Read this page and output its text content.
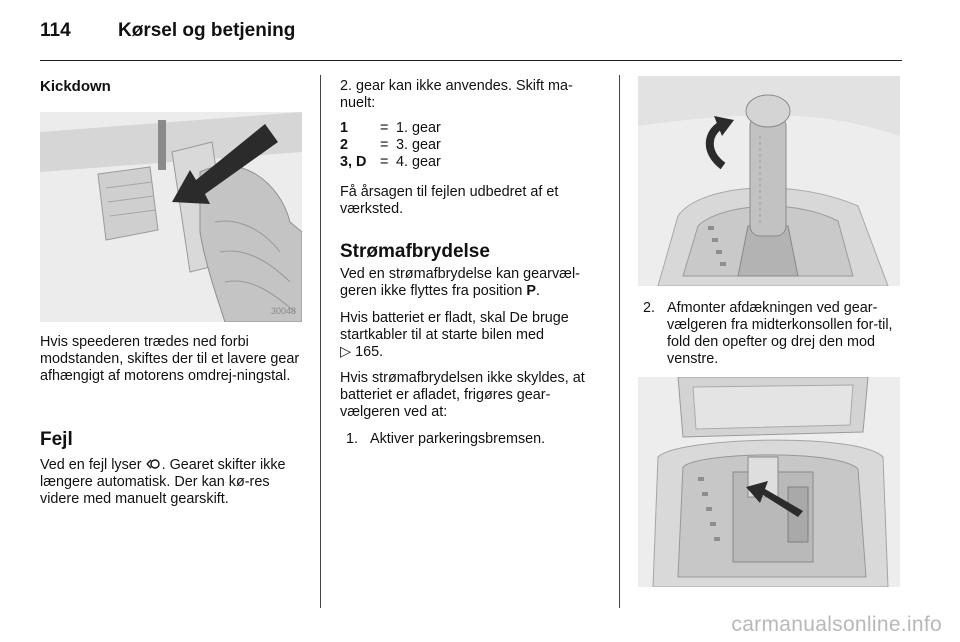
114 Kørsel og betjening
Kickdown
30048

Hvis speederen trædes ned forbi modstanden, skiftes der til et lavere gear afhængigt af motorens omdrej-ningstal.

Fejl

Ved en fejl lyser . Gearet skifter ikke længere automatisk. Der kan kø-res videre med manuelt gearskift.

2. gear kan ikke anvendes. Skift ma-nuelt:

1	=	1. gear
2	=	3. gear
3, D	=	4. gear

Få årsagen til fejlen udbedret af et værksted.

Strømafbrydelse

Ved en strømafbrydelse kan gearvæl-geren ikke flyttes fra position P.

Hvis batteriet er fladt, skal De bruge startkabler til at starte bilen med
▷ 165.

Hvis strømafbrydelsen ikke skyldes, at batteriet er afladet, frigøres gear-vælgeren ved at:

1. Aktiver parkeringsbremsen.
2. Afmonter afdækningen ved gear-vælgeren fra midterkonsollen for-til, fold den opefter og drej den mod venstre.
carmanualsonline.info
